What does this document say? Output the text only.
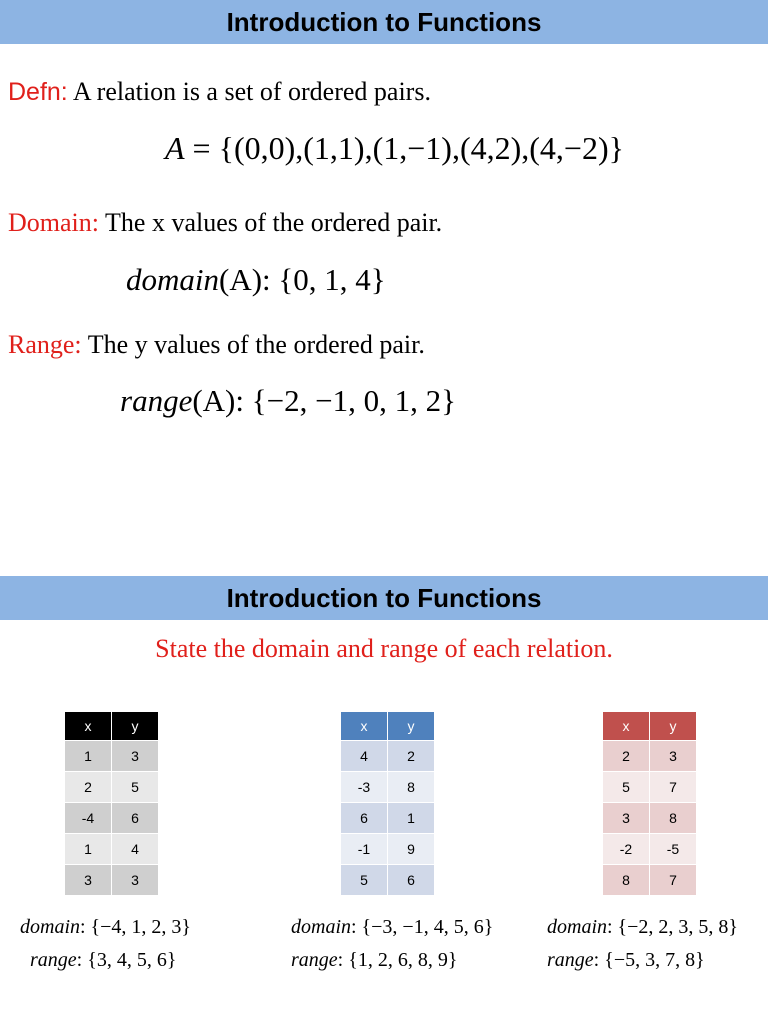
Introduction to Functions
Defn: A relation is a set of ordered pairs.
A = {(0,0),(1,1),(1,−1),(4,2),(4,−2)}
Domain: The x values of the ordered pair.
domain(A): {0, 1, 4}
Range: The y values of the ordered pair.
range(A): {−2, −1, 0, 1, 2}
Introduction to Functions
State the domain and range of each relation.
x	y
1	3
2	5
-4	6
1	4
3	3
x	y
4	2
-3	8
6	1
-1	9
5	6
x	y
2	3
5	7
3	8
-2	-5
8	7
domain: {−4, 1, 2, 3}
range: {3, 4, 5, 6}
domain: {−3, −1, 4, 5, 6}
range: {1, 2, 6, 8, 9}
domain: {−2, 2, 3, 5, 8}
range: {−5, 3, 7, 8}
